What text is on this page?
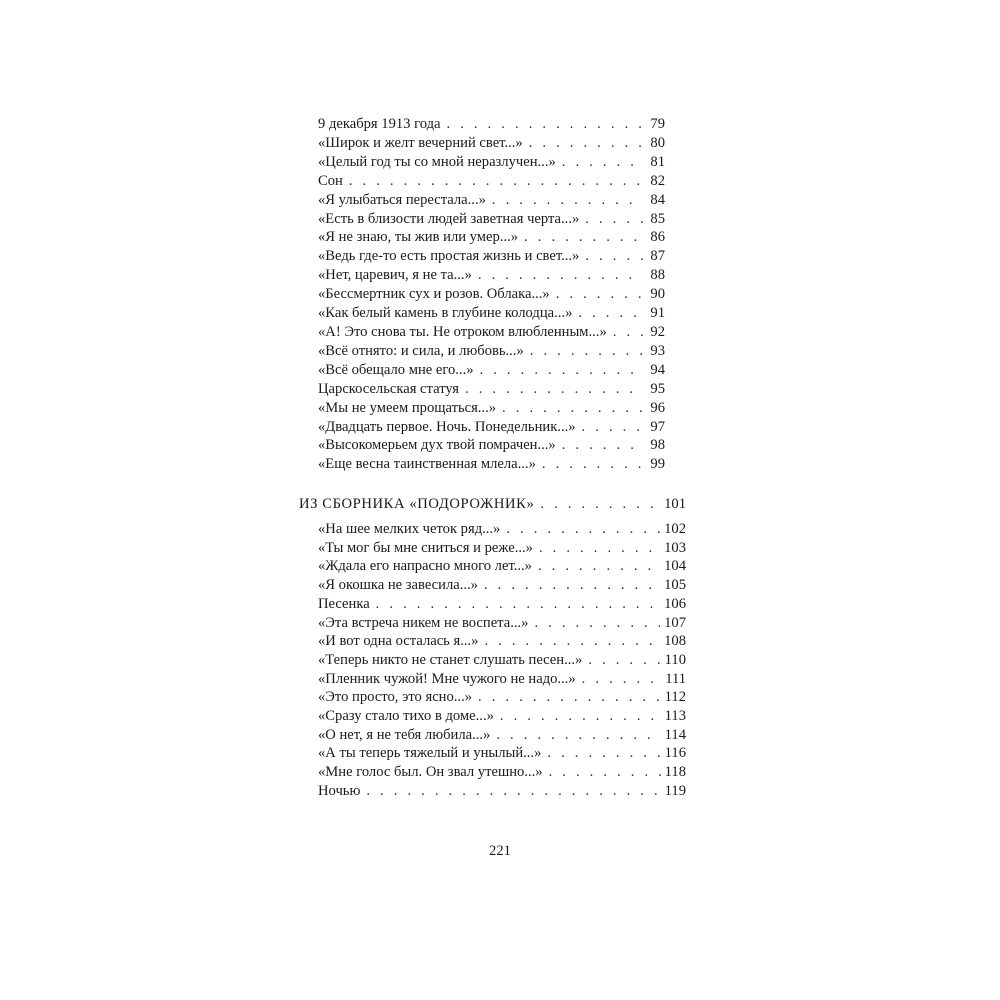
9 декабря 1913 года . . .	79
«Широк и желт вечерний свет...» . . .	80
«Целый год ты со мной неразлучен...» . . .	81
Сон . . .	82
«Я улыбаться перестала...» . . .	84
«Есть в близости людей заветная черта...» . . .	85
«Я не знаю, ты жив или умер...» . . .	86
«Ведь где-то есть простая жизнь и свет...» . . .	87
«Нет, царевич, я не та...» . . .	88
«Бессмертник сух и розов. Облака...» . . .	90
«Как белый камень в глубине колодца...» . . .	91
«А! Это снова ты. Не отроком влюбленным...» . . .	92
«Всё отнято: и сила, и любовь...» . . .	93
«Всё обещало мне его...» . . .	94
Царскосельская статуя . . .	95
«Мы не умеем прощаться...» . . .	96
«Двадцать первое. Ночь. Понедельник...» . . .	97
«Высокомерьем дух твой помрачен...» . . .	98
«Еще весна таинственная млела...» . . .	99
ИЗ СБОРНИКА «ПОДОРОЖНИК» . . .	101
«На шее мелких четок ряд...» . . .	102
«Ты мог бы мне сниться и реже...» . . .	103
«Ждала его напрасно много лет...» . . .	104
«Я окошка не завесила...» . . .	105
Песенка . . .	106
«Эта встреча никем не воспета...» . . .	107
«И вот одна осталась я...» . . .	108
«Теперь никто не станет слушать песен...» . . .	110
«Пленник чужой! Мне чужого не надо...» . . .	111
«Это просто, это ясно...» . . .	112
«Сразу стало тихо в доме...» . . .	113
«О нет, я не тебя любила...» . . .	114
«А ты теперь тяжелый и унылый...» . . .	116
«Мне голос был. Он звал утешно...» . . .	118
Ночью . . .	119
221
